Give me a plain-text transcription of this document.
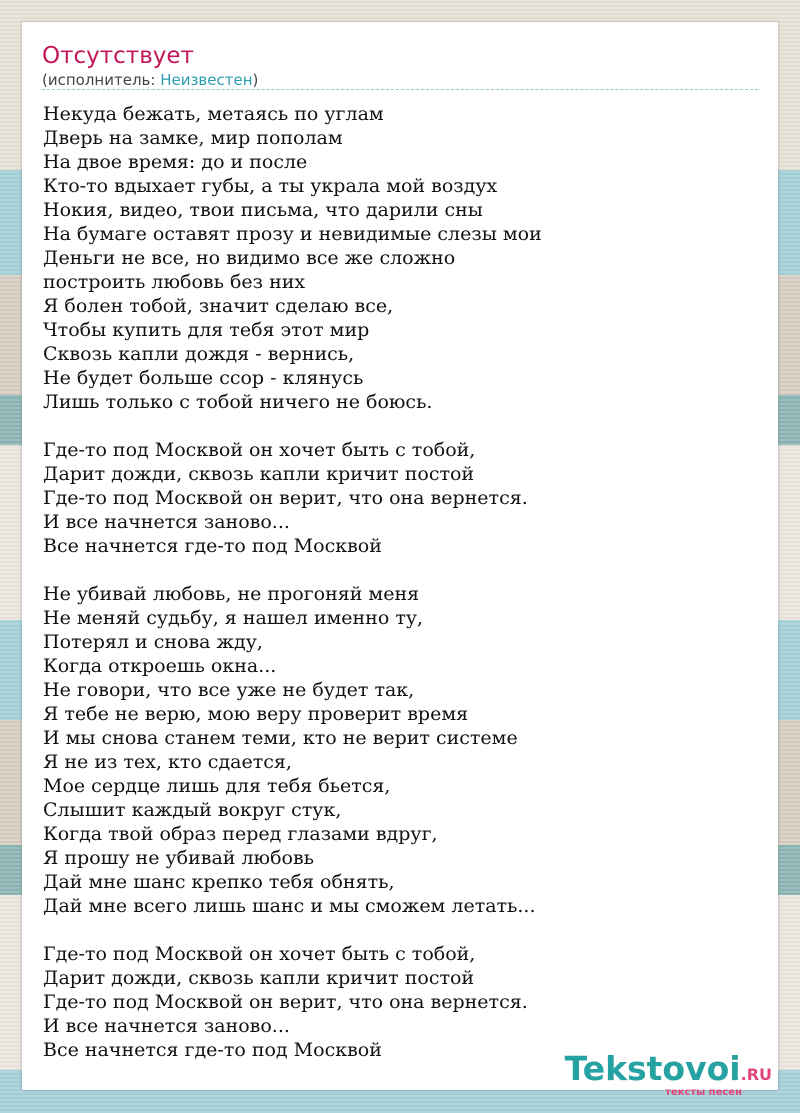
Отсутствует
(исполнитель: Неизвестен)
Некуда бежать, метаясь по углам
Дверь на замке, мир пополам
На двое время: до и после
Кто-то вдыхает губы, а ты украла мой воздух
Нокия, видео, твои письма, что дарили сны
На бумаге оставят прозу и невидимые слезы мои
Деньги не все, но видимо все же сложно
построить любовь без них
Я болен тобой, значит сделаю все,
Чтобы купить для тебя этот мир
Сквозь капли дождя - вернись,
Не будет больше ссор - клянусь
Лишь только с тобой ничего не боюсь.
Где-то под Москвой он хочет быть с тобой,
Дарит дожди, сквозь капли кричит постой
Где-то под Москвой он верит, что она вернется.
И все начнется заново...
Все начнется где-то под Москвой
Не убивай любовь, не прогоняй меня
Не меняй судьбу, я нашел именно ту,
Потерял и снова жду,
Когда откроешь окна...
Не говори, что все уже не будет так,
Я тебе не верю, мою веру проверит время
И мы снова станем теми, кто не верит системе
Я не из тех, кто сдается,
Мое сердце лишь для тебя бьется,
Слышит каждый вокруг стук,
Когда твой образ перед глазами вдруг,
Я прошу не убивай любовь
Дай мне шанс крепко тебя обнять,
Дай мне всего лишь шанс и мы сможем летать...
Где-то под Москвой он хочет быть с тобой,
Дарит дожди, сквозь капли кричит постой
Где-то под Москвой он верит, что она вернется.
И все начнется заново...
Все начнется где-то под Москвой	Tekstovoi.RU
тексты песен
